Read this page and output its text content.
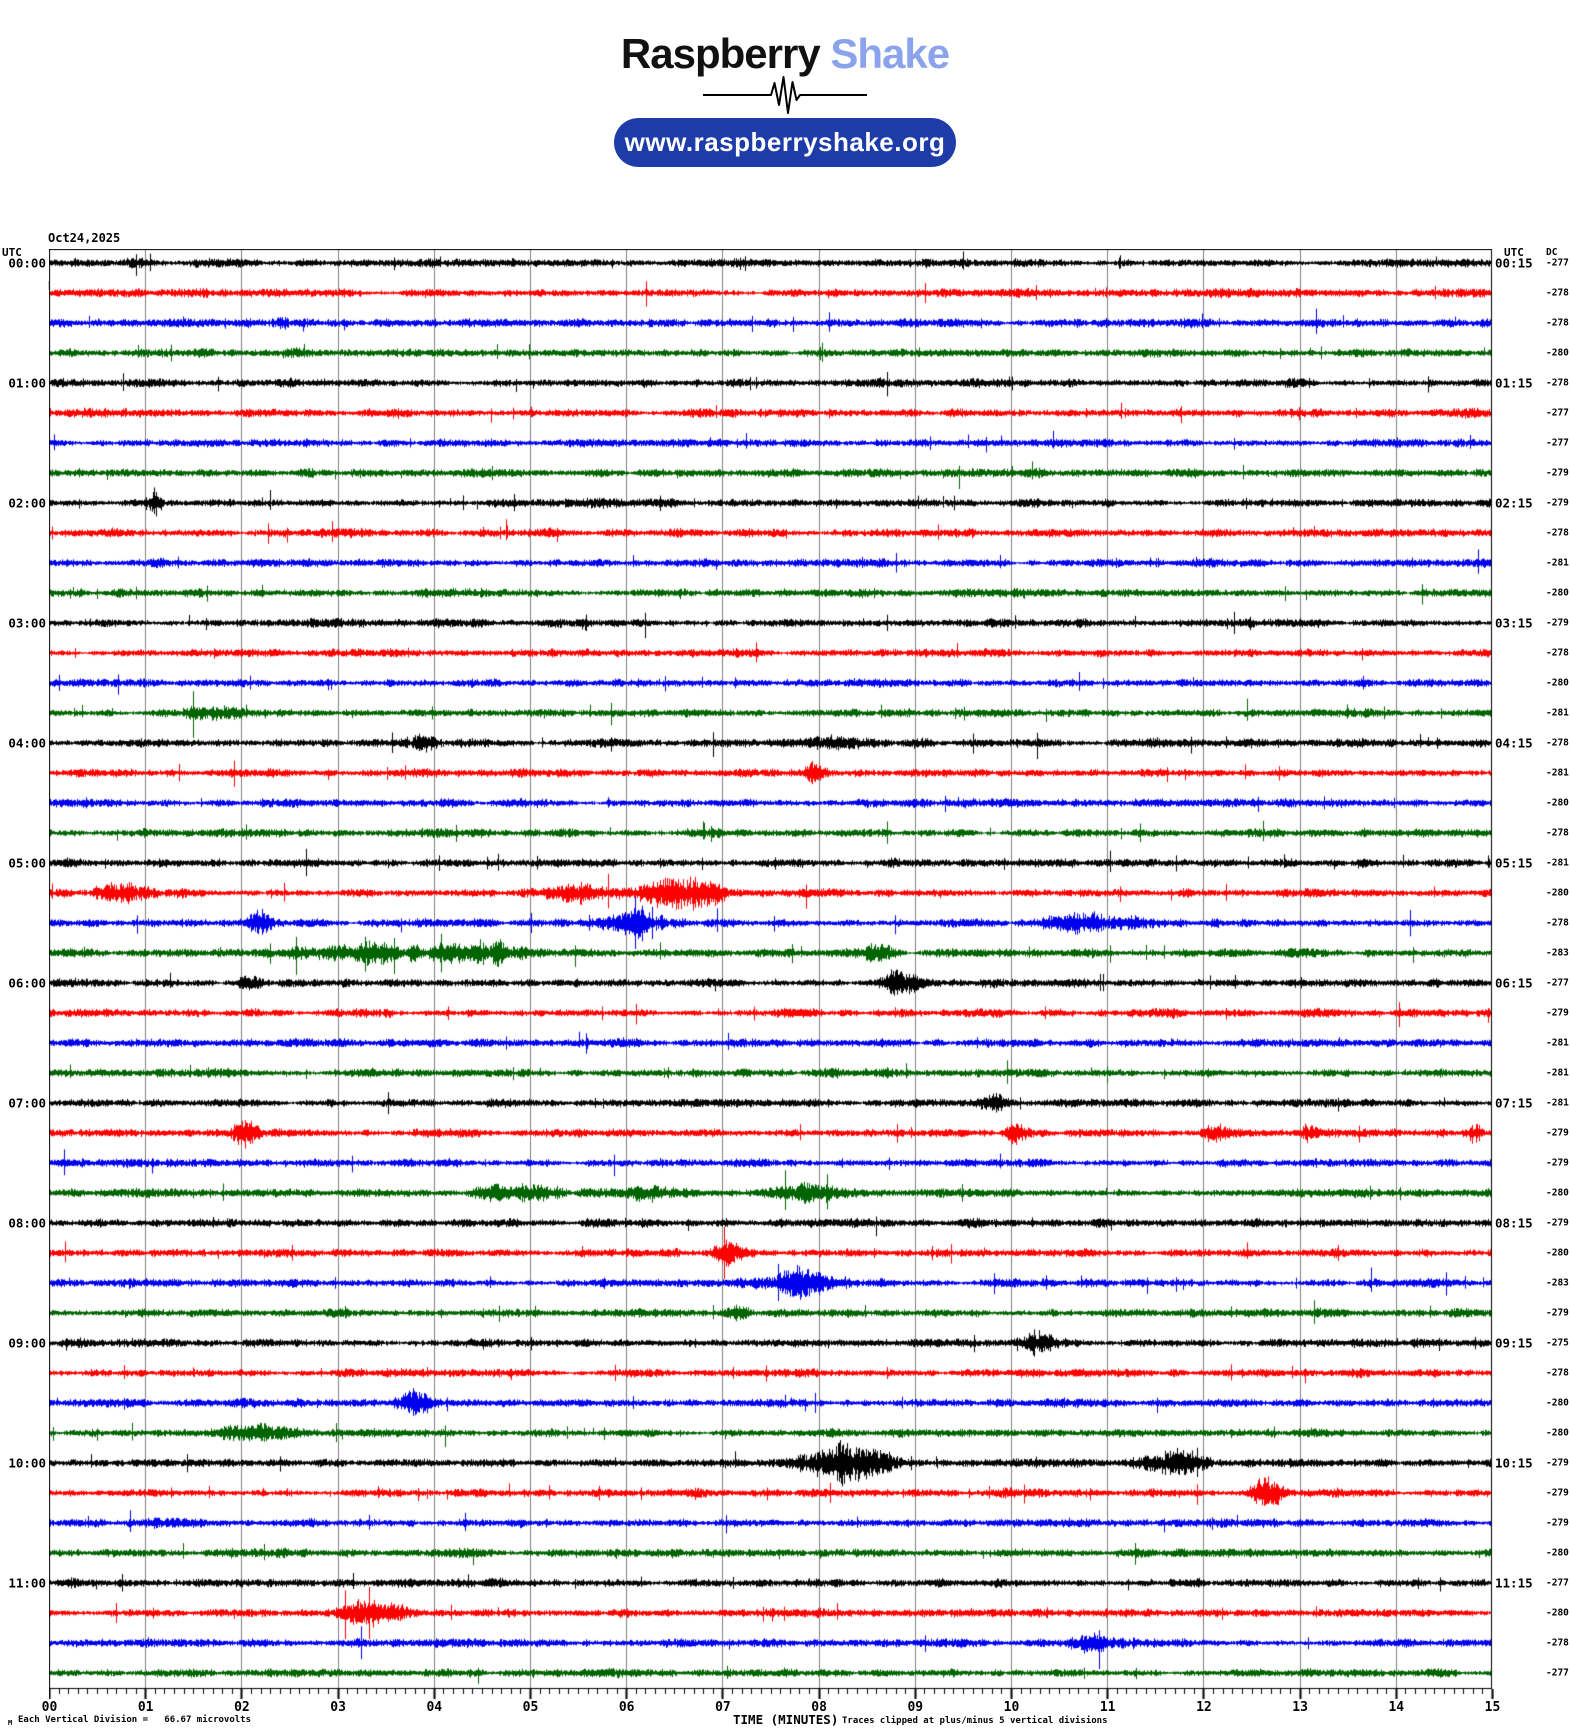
Raspberry Shake
www.raspberryshake.org

Oct24,2025

UTC	UTC DC
M Each Vertical Division =   66.67 microvolts	TIME (MINUTES) Traces clipped at plus/minus 5 vertical divisions
00:00	00:15
01:00	01:15
02:00	02:15
03:00	03:15
04:00	04:15
05:00	05:15
06:00	06:15
07:00	07:15
08:00	08:15
09:00	09:15
10:00	10:15
11:00	11:15
-277
-278
-278
-280
-278
-277
-277
-279
-279
-278
-281
-280
-279
-278
-280
-281
-278
-281
-280
-278
-281
-280
-278
-283
-277
-279
-281
-281
-281
-279
-279
-280
-279
-280
-283
-279
-275
-278
-280
-280
-279
-279
-279
-280
-277
-280
-278
-277
00	01	02	03	04	05	06	07	08	09	10	11	12	13	14	15
